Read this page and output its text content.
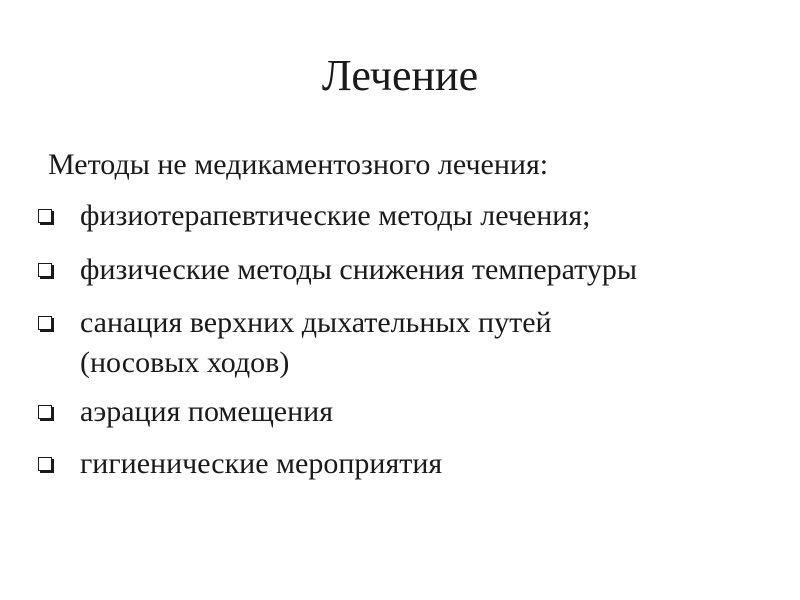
Лечение
Методы не медикаментозного лечения:
физиотерапевтические методы лечения;
физические методы снижения температуры
санация верхних дыхательных путей
(носовых ходов)
аэрация помещения
гигиенические мероприятия
